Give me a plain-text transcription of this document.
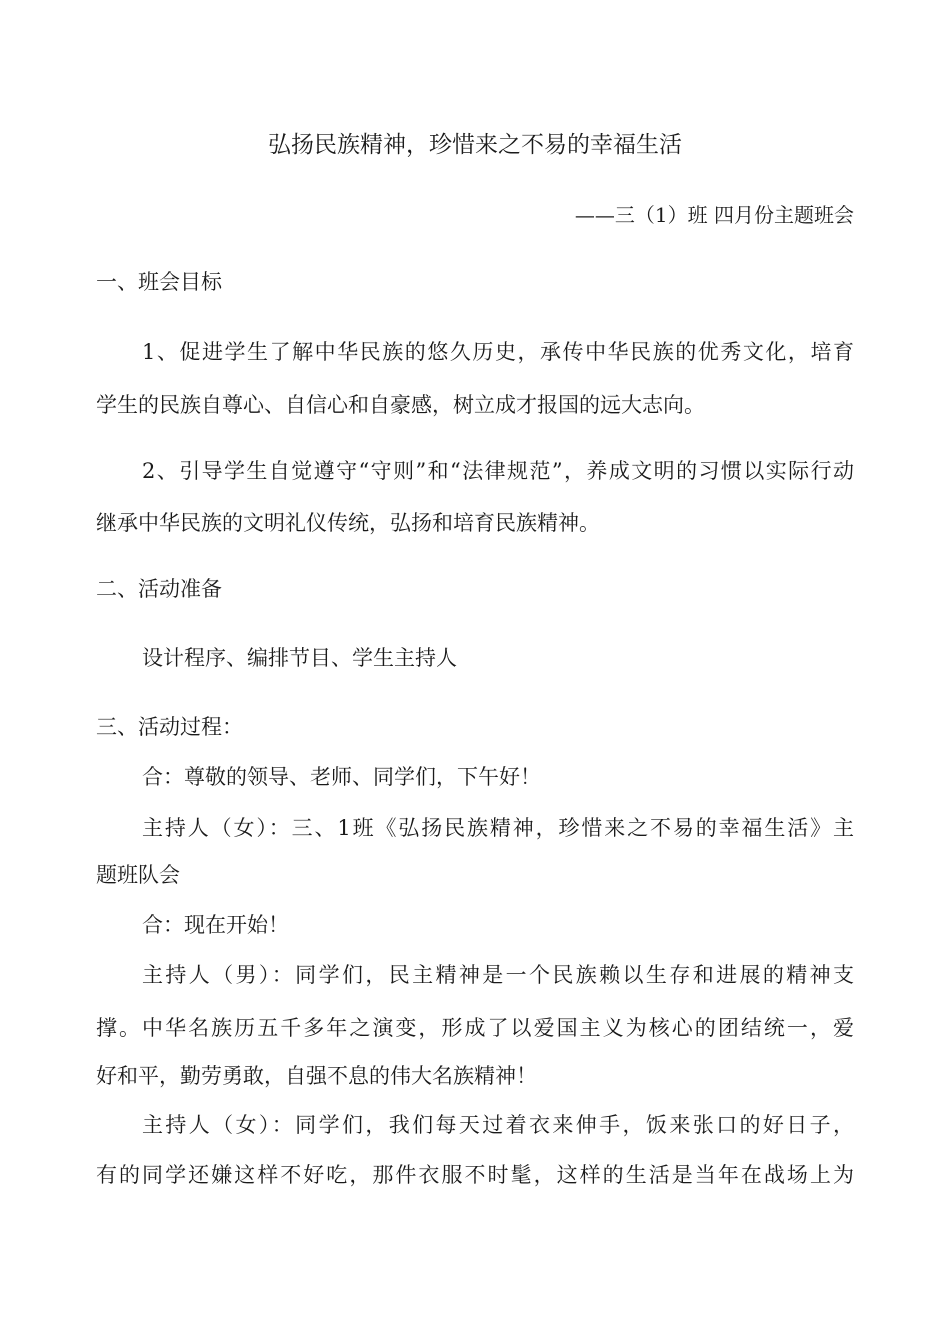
弘扬民族精神，珍惜来之不易的幸福生活
——三（1）班 四月份主题班会
一、班会目标
1、促进学生了解中华民族的悠久历史，承传中华民族的优秀文化，培育
学生的民族自尊心、自信心和自豪感，树立成才报国的远大志向。
2、引导学生自觉遵守“守则”和“法律规范”，养成文明的习惯以实际行动
继承中华民族的文明礼仪传统，弘扬和培育民族精神。
二、活动准备
设计程序、编排节目、学生主持人
三、活动过程：
合：尊敬的领导、老师、同学们，下午好！
主持人（女）：三、1班《弘扬民族精神，珍惜来之不易的幸福生活》主
题班队会
合：现在开始！
主持人（男）：同学们，民主精神是一个民族赖以生存和进展的精神支
撑。中华名族历五千多年之演变，形成了以爱国主义为核心的团结统一，爱
好和平，勤劳勇敢，自强不息的伟大名族精神！
主持人（女）：同学们，我们每天过着衣来伸手，饭来张口的好日子，
有的同学还嫌这样不好吃，那件衣服不时髦，这样的生活是当年在战场上为
